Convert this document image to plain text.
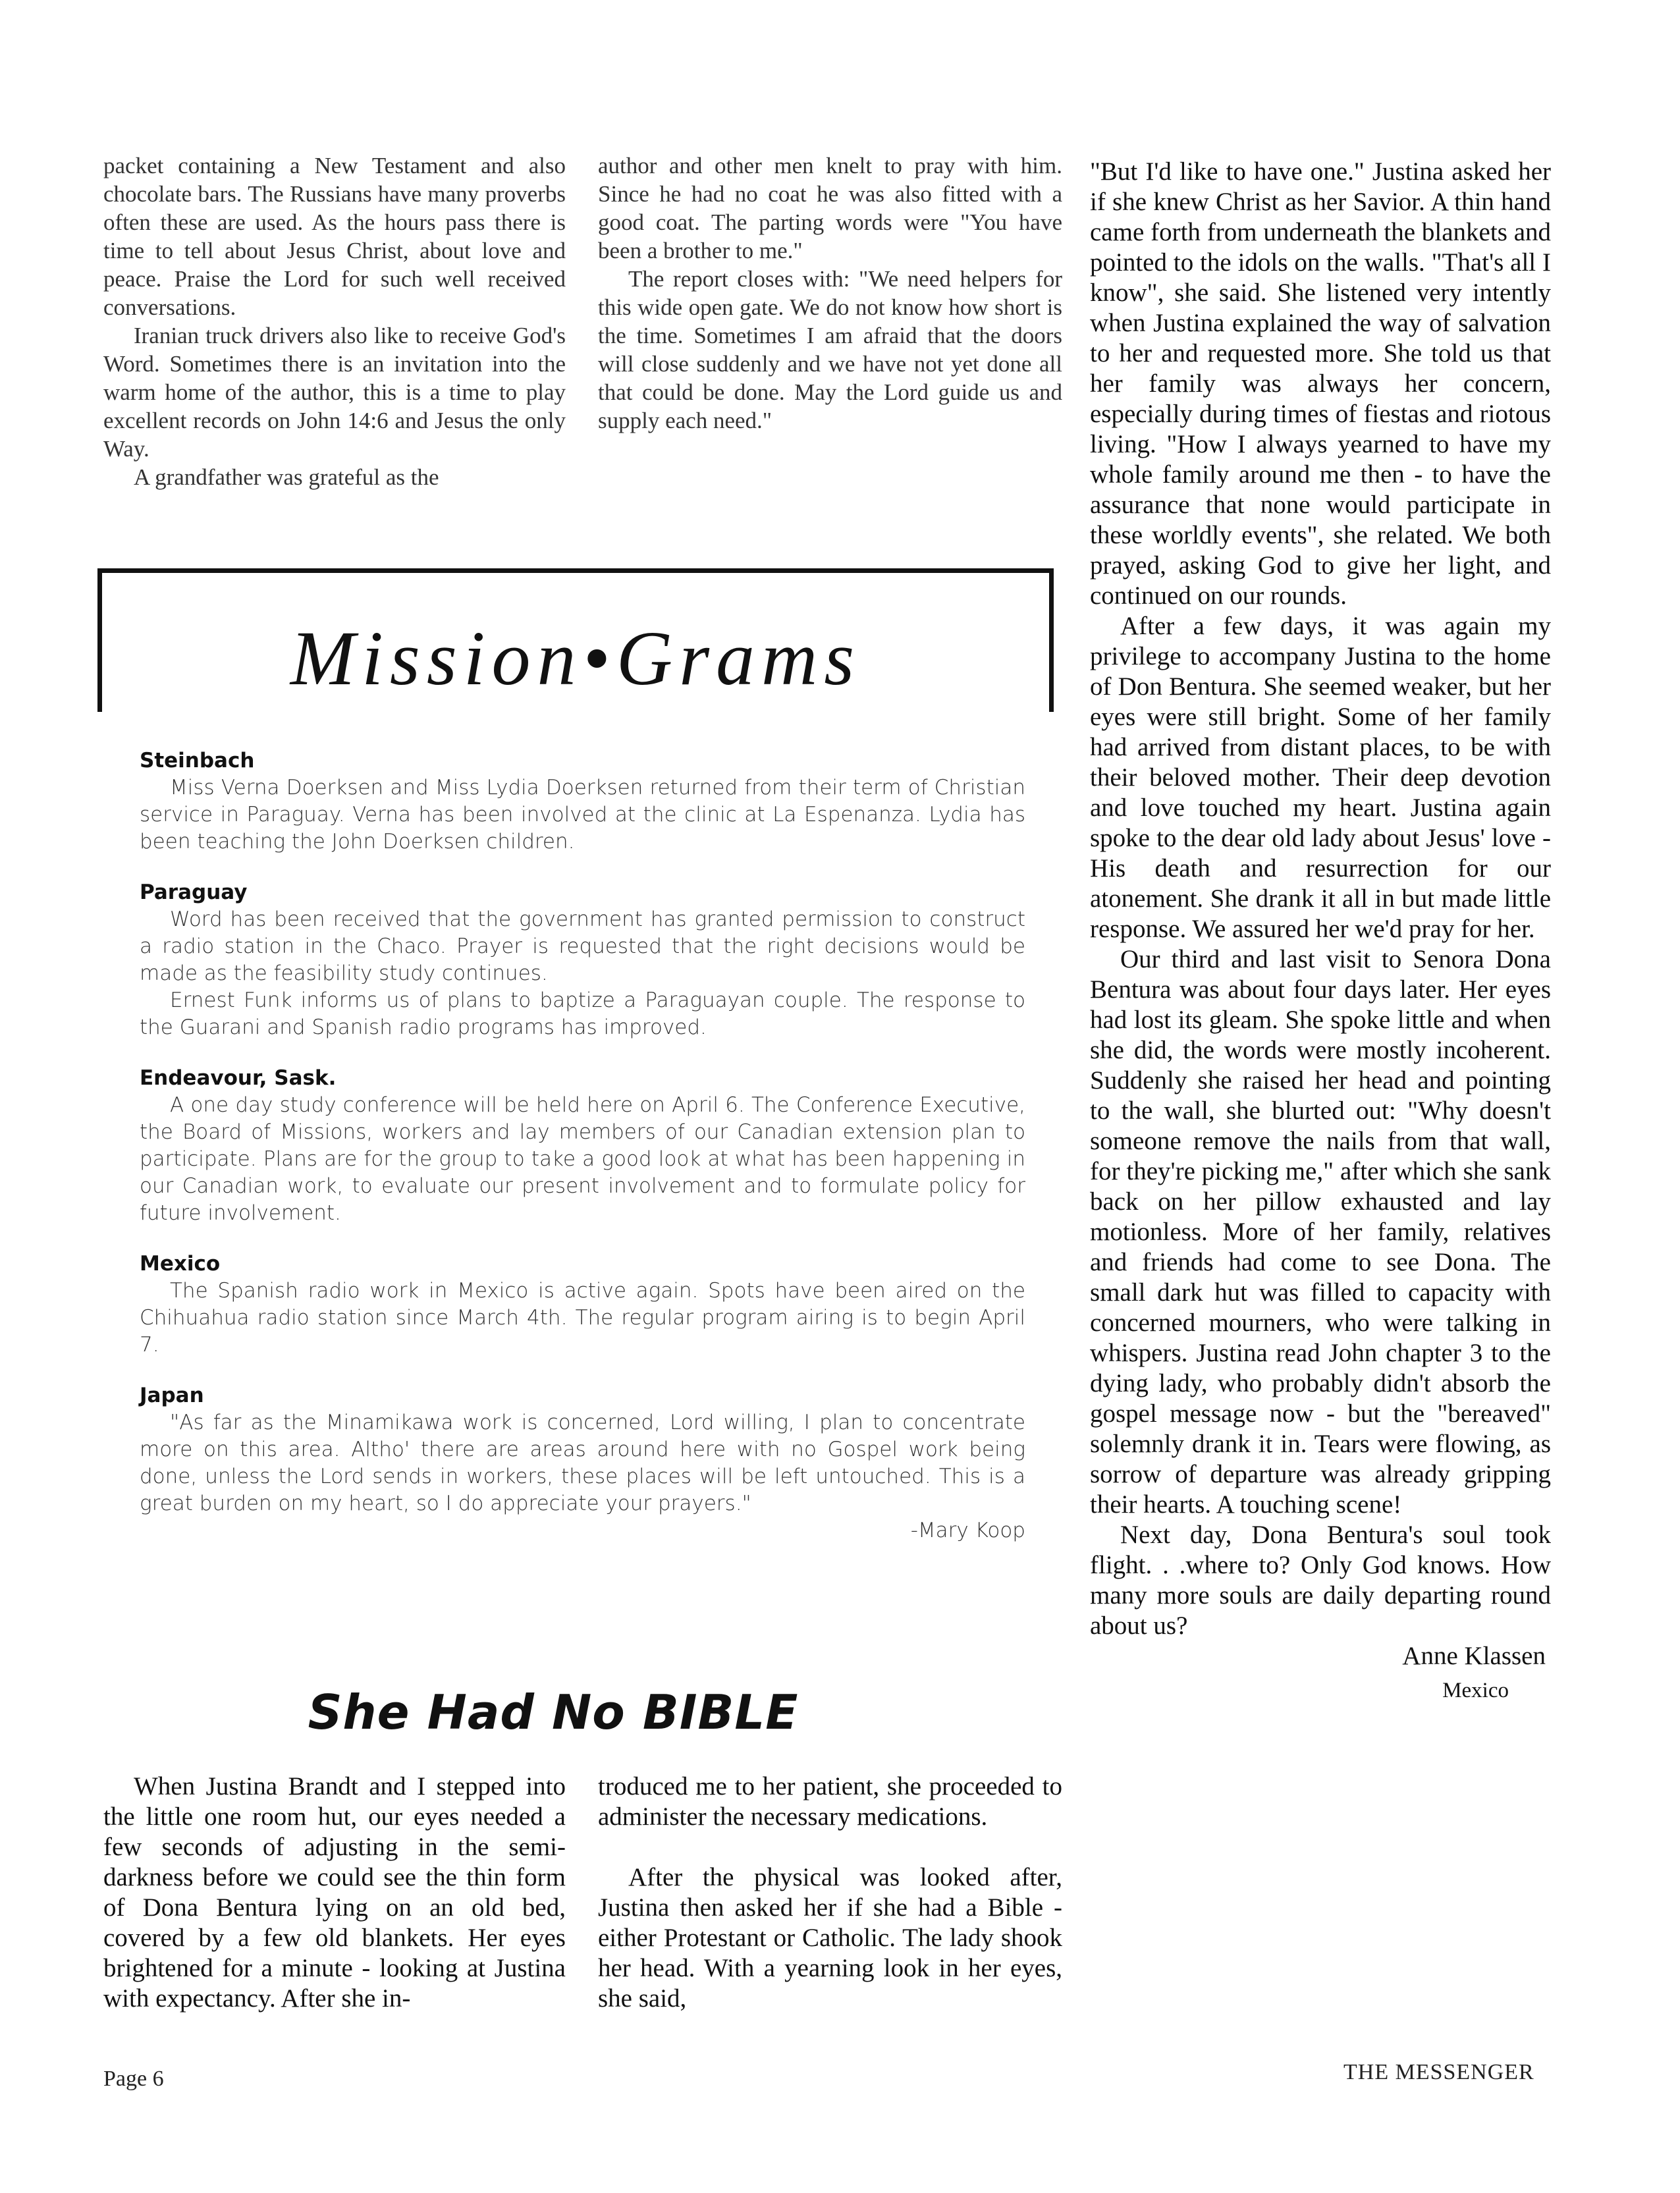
packet containing a New Testament and also chocolate bars. The Russians have many proverbs often these are used. As the hours pass there is time to tell about Jesus Christ, about love and peace. Praise the Lord for such well received conversations.

Iranian truck drivers also like to receive God's Word. Sometimes there is an invitation into the warm home of the author, this is a time to play excellent records on John 14:6 and Jesus the only Way.

A grandfather was grateful as the

author and other men knelt to pray with him. Since he had no coat he was also fitted with a good coat. The parting words were "You have been a brother to me."

The report closes with: "We need helpers for this wide open gate. We do not know how short is the time. Sometimes I am afraid that the doors will close suddenly and we have not yet done all that could be done. May the Lord guide us and supply each need."

"But I'd like to have one." Justina asked her if she knew Christ as her Savior. A thin hand came forth from underneath the blankets and pointed to the idols on the walls. "That's all I know", she said. She listened very intently when Justina explained the way of salvation to her and requested more. She told us that her family was always her concern, especially during times of fiestas and riotous living. "How I always yearned to have my whole family around me then - to have the assurance that none would participate in these worldly events", she related. We both prayed, asking God to give her light, and continued on our rounds.

After a few days, it was again my privilege to accompany Justina to the home of Don Bentura. She seemed weaker, but her eyes were still bright. Some of her family had arrived from distant places, to be with their beloved mother. Their deep devotion and love touched my heart. Justina again spoke to the dear old lady about Jesus' love - His death and resurrection for our atonement. She drank it all in but made little response. We assured her we'd pray for her.

Our third and last visit to Senora Dona Bentura was about four days later. Her eyes had lost its gleam. She spoke little and when she did, the words were mostly incoherent. Suddenly she raised her head and pointing to the wall, she blurted out: "Why doesn't someone remove the nails from that wall, for they're picking me," after which she sank back on her pillow exhausted and lay motionless. More of her family, relatives and friends had come to see Dona. The small dark hut was filled to capacity with concerned mourners, who were talking in whispers. Justina read John chapter 3 to the dying lady, who probably didn't absorb the gospel message now - but the "bereaved" solemnly drank it in. Tears were flowing, as sorrow of departure was already gripping their hearts. A touching scene!

Next day, Dona Bentura's soul took flight. . .where to? Only God knows. How many more souls are daily departing round about us?

Anne Klassen

Mexico

Mission•Grams
Steinbach

Miss Verna Doerksen and Miss Lydia Doerksen returned from their term of Christian service in Paraguay. Verna has been involved at the clinic at La Espenanza. Lydia has been teaching the John Doerksen children.

Paraguay

Word has been received that the government has granted permission to construct a radio station in the Chaco. Prayer is requested that the right decisions would be made as the feasibility study continues.

Ernest Funk informs us of plans to baptize a Paraguayan couple. The response to the Guarani and Spanish radio programs has improved.

Endeavour, Sask.

A one day study conference will be held here on April 6. The Conference Executive, the Board of Missions, workers and lay members of our Canadian extension plan to participate. Plans are for the group to take a good look at what has been happening in our Canadian work, to evaluate our present involvement and to formulate policy for future involvement.

Mexico

The Spanish radio work in Mexico is active again. Spots have been aired on the Chihuahua radio station since March 4th. The regular program airing is to begin April 7.

Japan

"As far as the Minamikawa work is concerned, Lord willing, I plan to concentrate more on this area. Altho' there are areas around here with no Gospel work being done, unless the Lord sends in workers, these places will be left untouched. This is a great burden on my heart, so I do appreciate your prayers."

-Mary Koop

She Had No BIBLE

When Justina Brandt and I stepped into the little one room hut, our eyes needed a few seconds of adjusting in the semi-darkness before we could see the thin form of Dona Bentura lying on an old bed, covered by a few old blankets. Her eyes brightened for a minute - looking at Justina with expectancy. After she in-

troduced me to her patient, she proceeded to administer the necessary medications.

After the physical was looked after, Justina then asked her if she had a Bible - either Protestant or Catholic. The lady shook her head. With a yearning look in her eyes, she said,

Page 6	THE MESSENGER
